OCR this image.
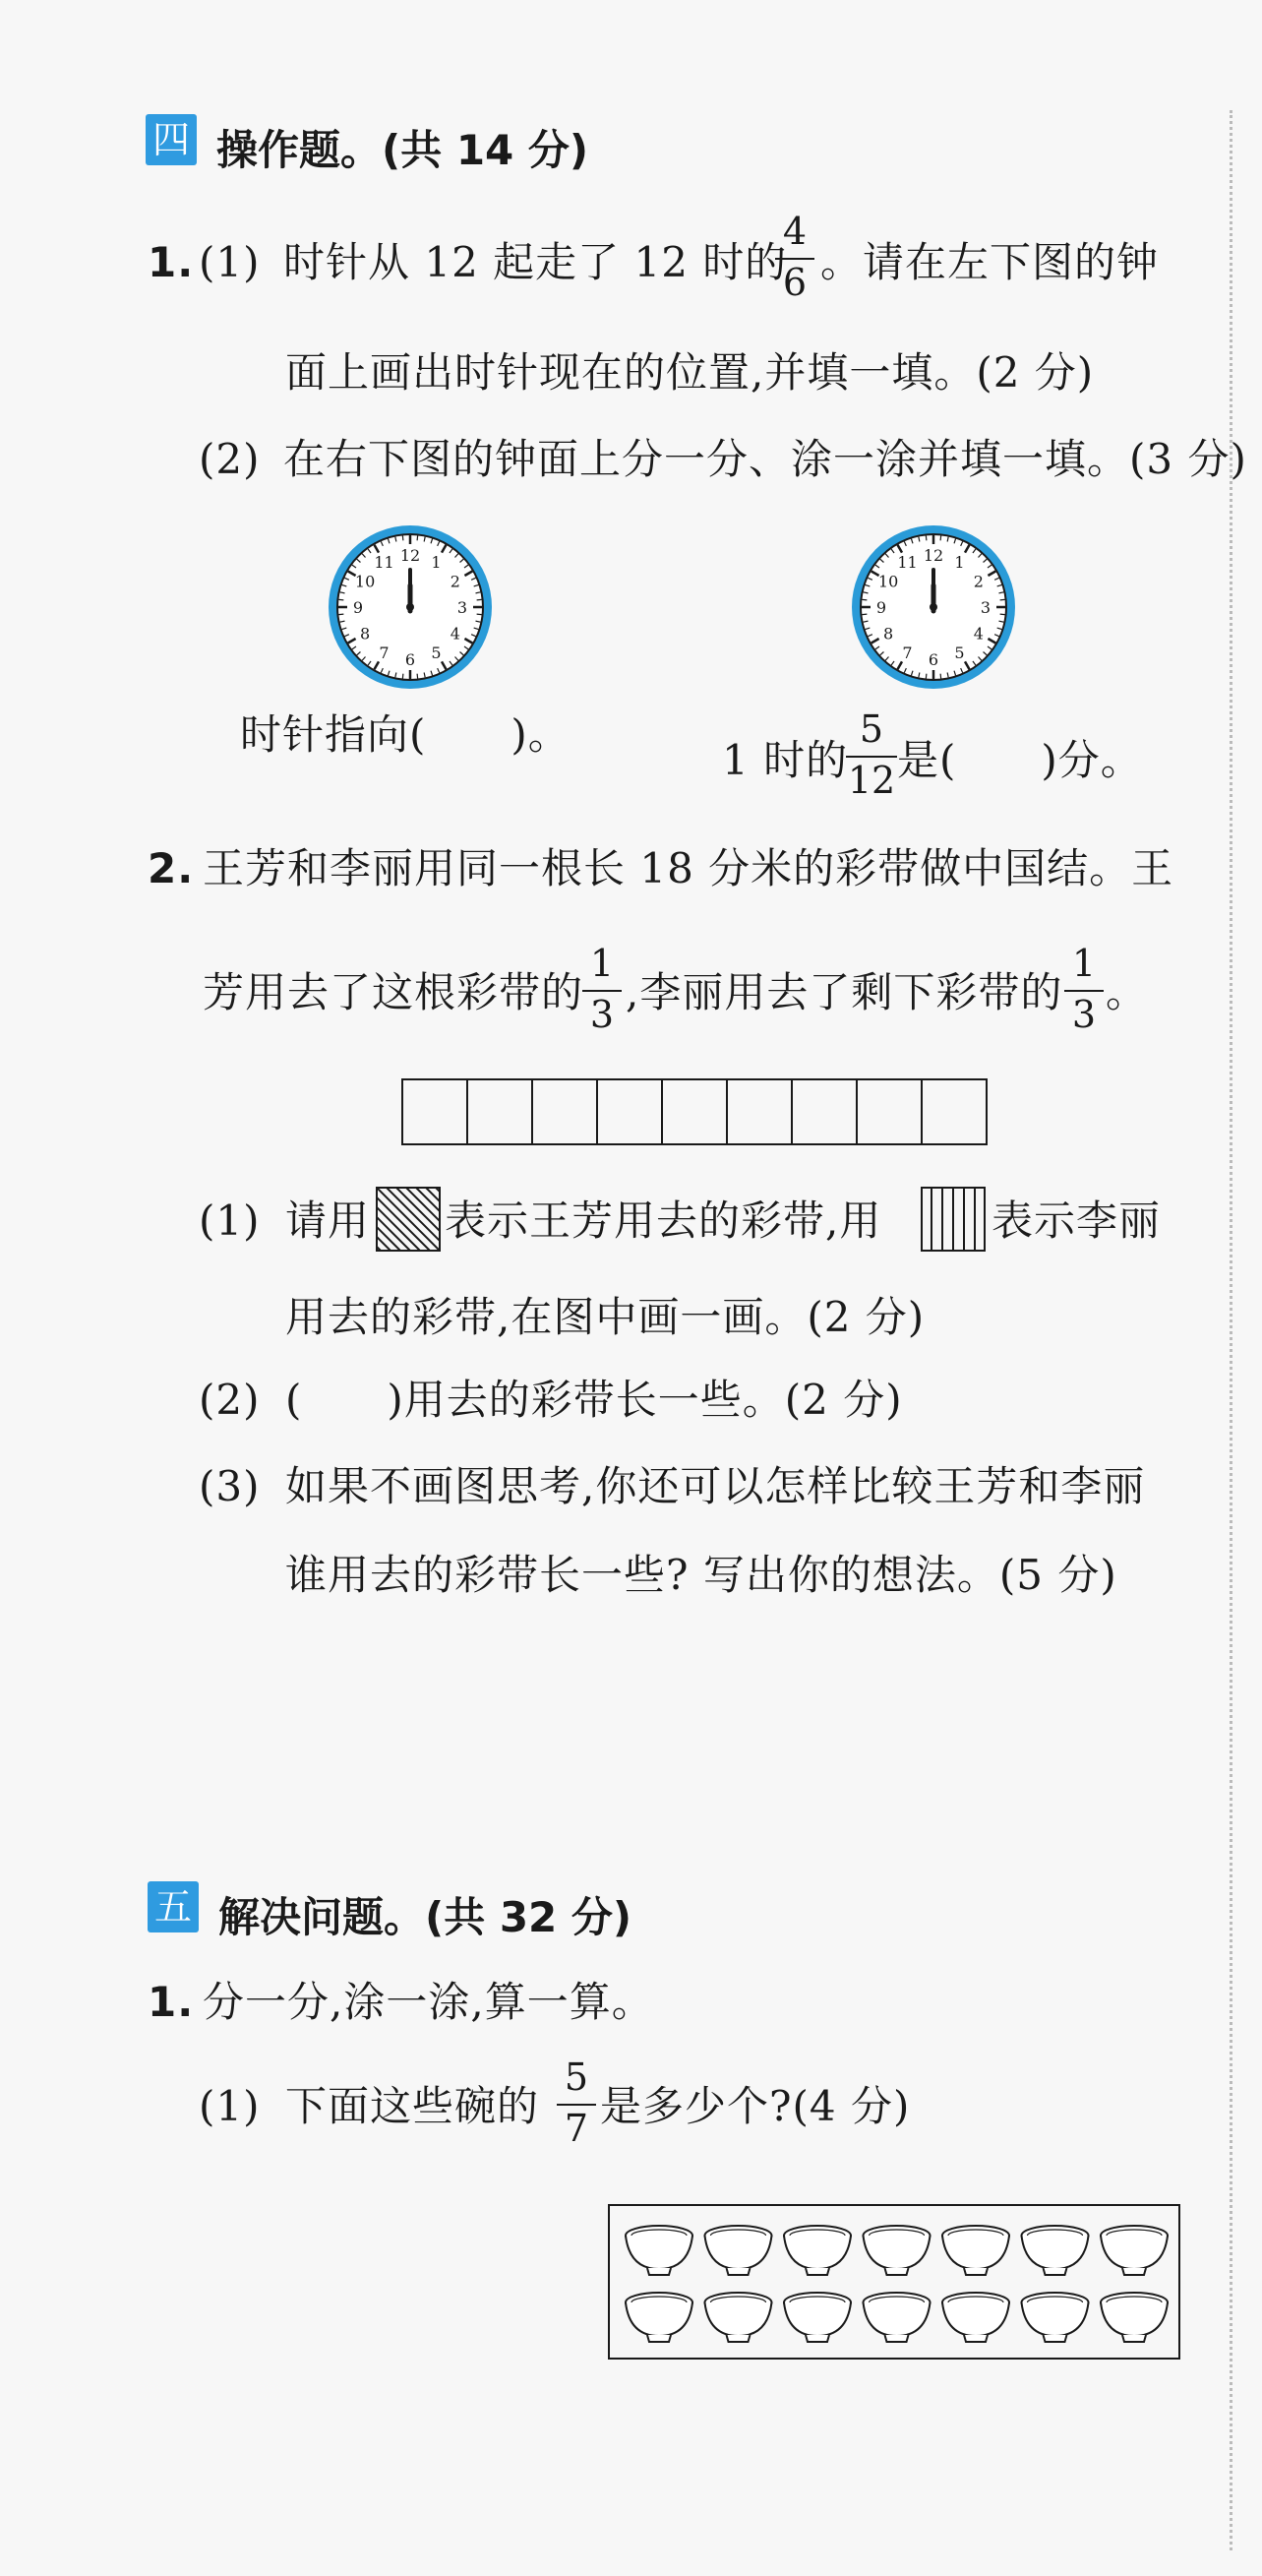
四 操作题。(共 14 分)
1. (1) 时针从 12 起走了 12 时的
4
6 。请在左下图的钟
面上画出时针现在的位置,并填一填。(2 分)
(2) 在右下图的钟面上分一分、涂一涂并填一填。(3 分)
12 1
2
3
4
5
6
7
8
9
10
11	12 1
2
3
4
5
6
7
8
9
10
11
时针指向(　　)。
1 时的
5
12 是(　　)分。
2. 王芳和李丽用同一根长 18 分米的彩带做中国结。王
芳用去了这根彩带的
1
3 ,李丽用去了剩下彩带的
1
3 。
(1) 请用 表示王芳用去的彩带,用	表示李丽
用去的彩带,在图中画一画。(2 分)
(2) (　　)用去的彩带长一些。(2 分)
(3) 如果不画图思考,你还可以怎样比较王芳和李丽
谁用去的彩带长一些? 写出你的想法。(5 分)
五 解决问题。(共 32 分)
1. 分一分,涂一涂,算一算。
(1) 下面这些碗的
5
7 是多少个?(4 分)
